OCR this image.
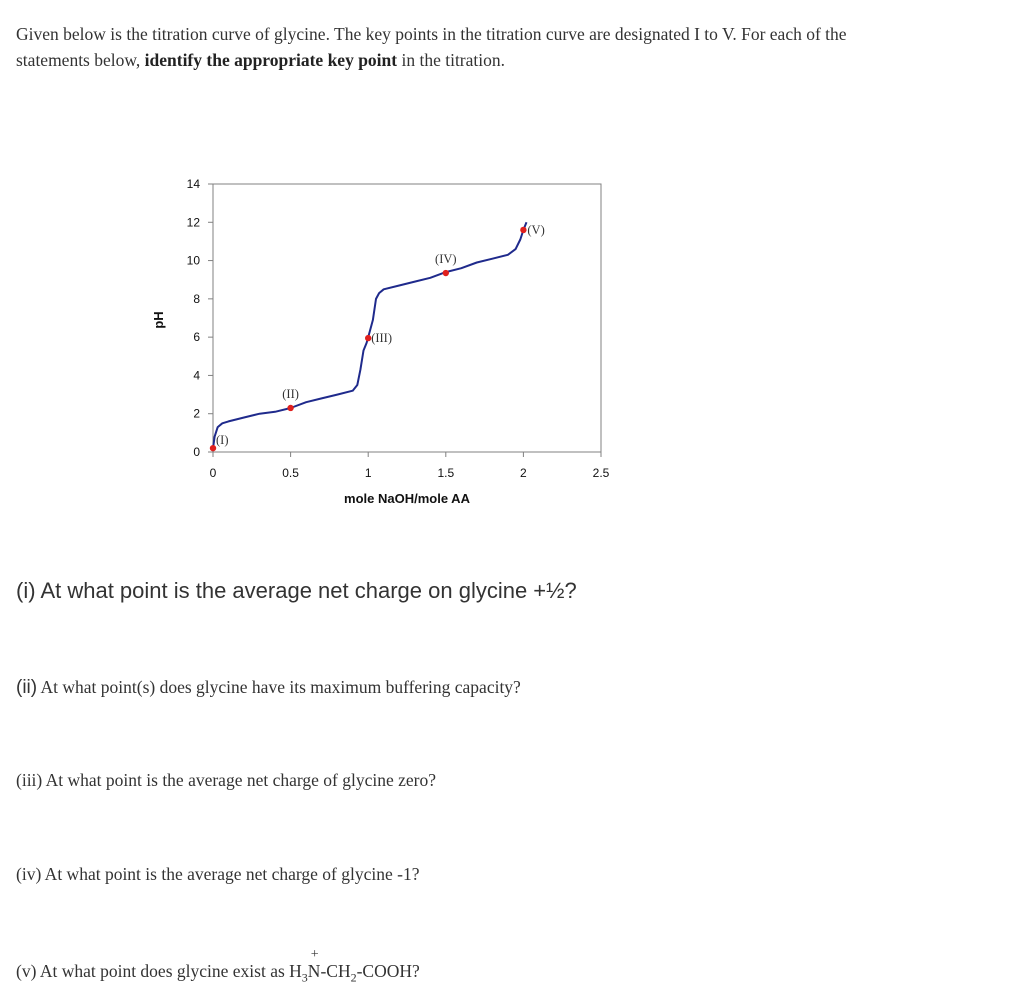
Given below is the titration curve of glycine. The key points in the titration curve are designated I to V. For each of the statements below, identify the appropriate key point in the titration.
0
2
4
6
8
10
12
14
0	0.5	1	1.5	2	2.5
mole NaOH/mole AA
pH
(I)
(II)
(III)
(IV)
(V)
(i) At what point is the average net charge on glycine +½?
(ii) At what point(s) does glycine have its maximum buffering capacity?
(iii) At what point is the average net charge of glycine zero?
(iv) At what point is the average net charge of glycine -1?
(v) At what point does glycine exist as $H_3N$
+
$-CH_2$-COOH?
